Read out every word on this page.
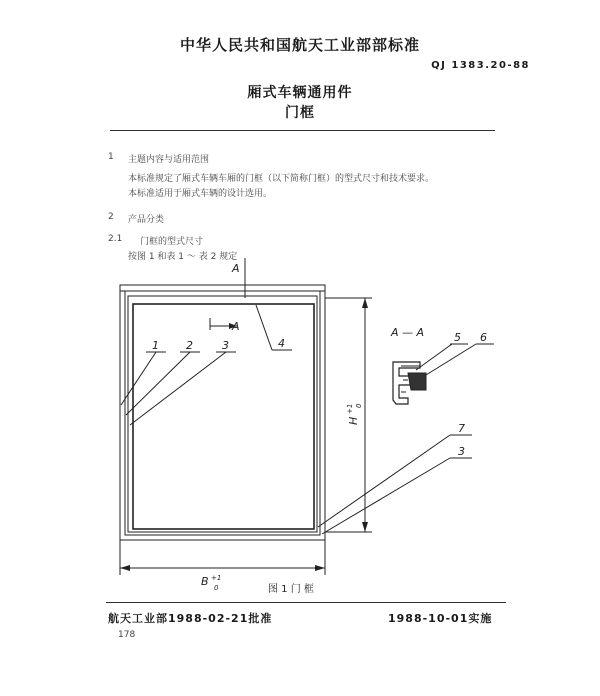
中华人民共和国航天工业部部标准
QJ 1383.20-88
厢式车辆通用件
门框
1 主题内容与适用范围
本标准规定了厢式车辆车厢的门框（以下简称门框）的型式尺寸和技术要求。
本标准适用于厢式车辆的设计选用。
2 产品分类
2.1 门框的型式尺寸
按图 1 和表 1 ～ 表 2 规定
A
A	A — A
1 2	3	4	5 6
7
3
B +1
0
H
+1 0
图 1 门 框
航天工业部1988-02-21批准	1988-10-01实施
178
